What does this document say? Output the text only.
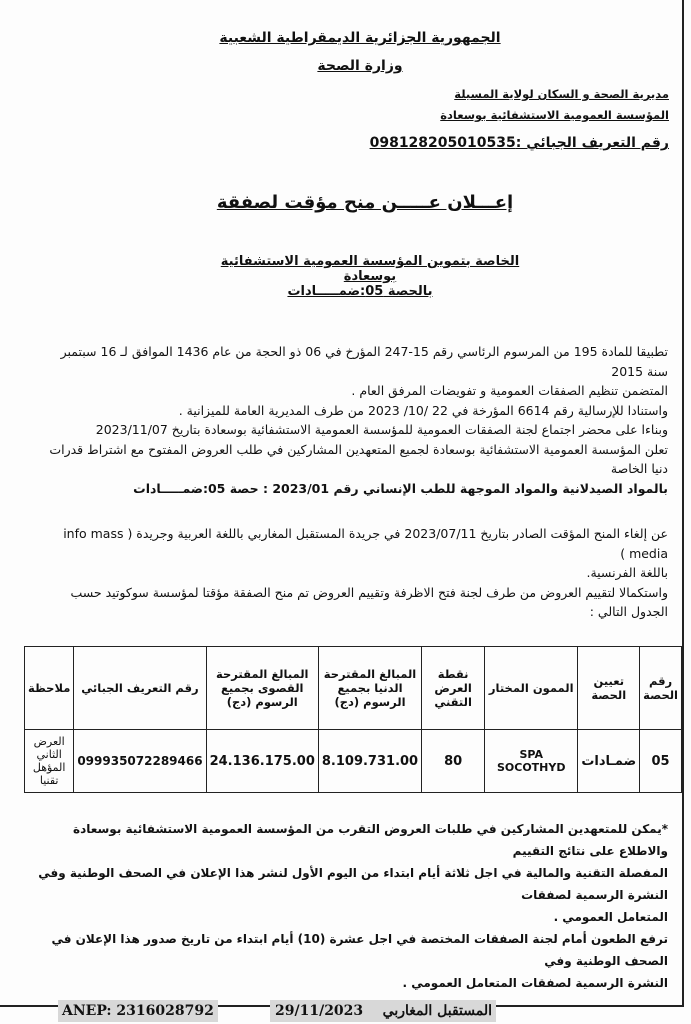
الجمهورية الجزائرية الديمقراطية الشعبية
وزارة الصحة
مديرية الصحة و السكان لولاية المسيلة
المؤسسة العمومية الاستشفائية بوسعادة
رقم التعريف الجبائي :098128205010535
إعـــلان عـــــن منح مؤقت لصفقة
الخاصة بتموين المؤسسة العمومية الاستشفائية بوسعادة
بالحصة 05:ضمـــــادات

تطبيقا للمادة 195 من المرسوم الرئاسي رقم 15-247 المؤرخ في 06 ذو الحجة من عام 1436 الموافق لـ 16 سبتمبر سنة 2015

المتضمن تنظيم الصفقات العمومية و تفويضات المرفق العام .

واستنادا للإرسالية رقم 6614 المؤرخة في 22 /10/ 2023 من طرف المديرية العامة للميزانية .

وبناءا على محضر اجتماع لجنة الصفقات العمومية للمؤسسة العمومية الاستشفائية بوسعادة بتاريخ 2023/11/07

تعلن المؤسسة العمومية الاستشفائية بوسعادة لجميع المتعهدين المشاركين في طلب العروض المفتوح مع اشتراط قدرات دنيا الخاصة

بالمواد الصيدلانية والمواد الموجهة للطب الإنساني رقم 2023/01 : حصة 05:ضمـــــادات

عن إلغاء المنح المؤقت الصادر بتاريخ 2023/07/11 في جريدة المستقبل المغاربي باللغة العربية وجريدة ( info mass media )

باللغة الفرنسية.

واستكمالا لتقييم العروض من طرف لجنة فتح الاظرفة وتقييم العروض تم منح الصفقة مؤقتا لمؤسسة سوكوتيد حسب الجدول التالي :

رقم الحصة	تعيين الحصة	الممون المختار	نقطة العرض التقني	المبالغ المقترحة الدنيا بجميع الرسوم (دج)	المبالغ المقترحة القصوى بجميع الرسوم (دج)	رقم التعريف الجبائي	ملاحظة
05	ضمـادات	SPA SOCOTHYD	80	8.109.731.00	24.136.175.00	099935072289466	العرض الثاني المؤهل تقنيا

*يمكن للمتعهدين المشاركين في طلبات العروض التقرب من المؤسسة العمومية الاستشفائية بوسعادة والاطلاع على نتائج التقييم

المفصلة التقنية والمالية في اجل ثلاثة أيام ابتداء من اليوم الأول لنشر هذا الإعلان في الصحف الوطنية وفي النشرة الرسمية لصفقات

المتعامل العمومي .

ترفع الطعون أمام لجنة الصفقات المختصة في اجل عشرة (10) أيام ابتداء من تاريخ صدور هذا الإعلان في الصحف الوطنية وفي

النشرة الرسمية لصفقات المتعامل العمومي .

ANEP: 2316028792	المستقبل المغاربي    29/11/2023
